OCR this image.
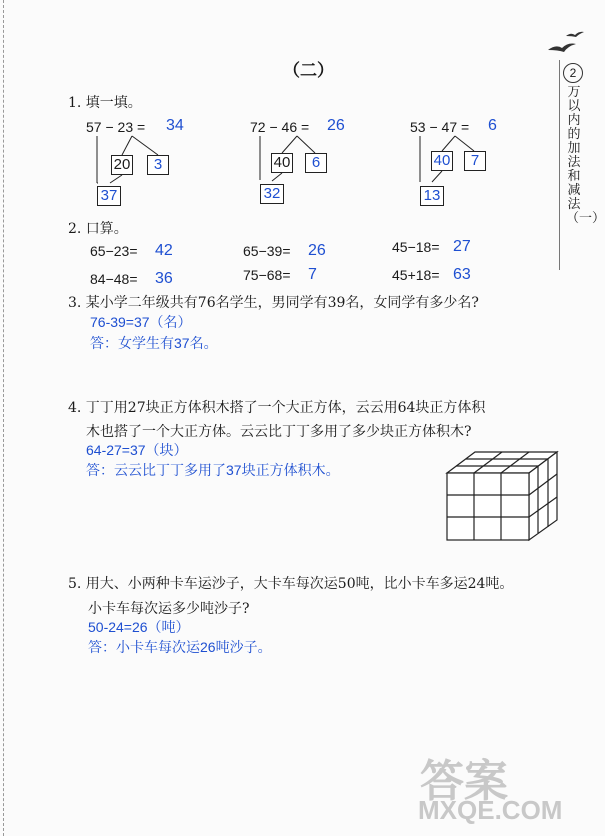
2
万以内的加法和减法（一）
（二）
1. 填一填。
57 − 23 = 34
20	3
37
72 − 46 = 26
40	6
32
53 − 47 = 6
40	7
13
2. 口算。
65−23= 42	65−39= 26	45−18= 27
84−48= 36	75−68= 7	45+18= 63
3. 某小学二年级共有76名学生，男同学有39名，女同学有多少名?
76-39=37（名）
答：女学生有37名。
4. 丁丁用27块正方体积木搭了一个大正方体，云云用64块正方体积
木也搭了一个大正方体。云云比丁丁多用了多少块正方体积木?
64-27=37（块）
答：云云比丁丁多用了37块正方体积木。
5. 用大、小两种卡车运沙子，大卡车每次运50吨，比小卡车多运24吨。
小卡车每次运多少吨沙子?
50-24=26（吨）
答：小卡车每次运26吨沙子。
答案
MXQE.COM
